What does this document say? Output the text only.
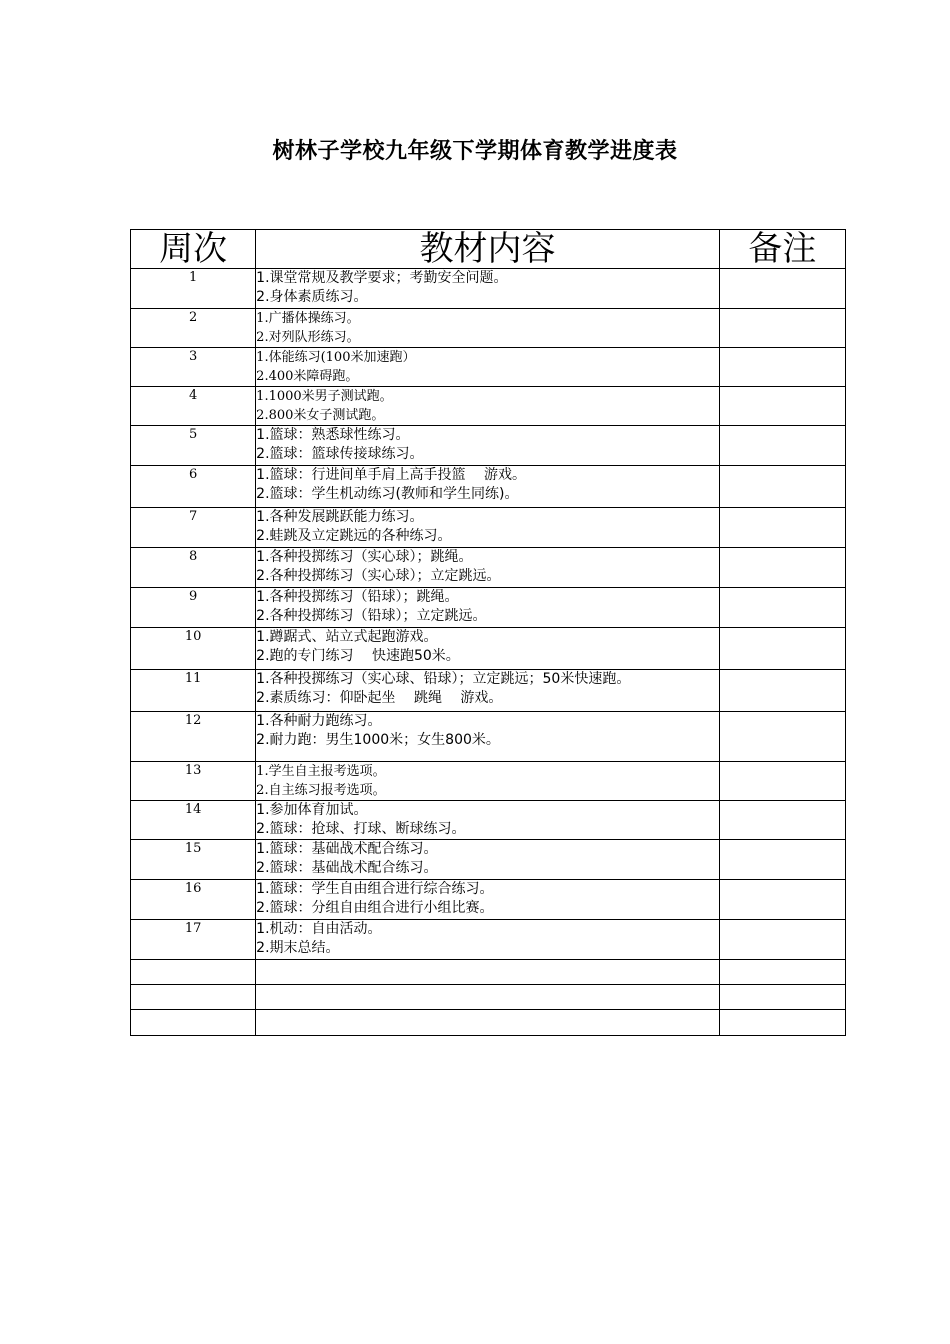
树林子学校九年级下学期体育教学进度表
周次	教材内容	备注
1	1.课堂常规及教学要求；考勤安全问题。
2.身体素质练习。	

2	1.广播体操练习。
2.对列队形练习。	

3	1.体能练习(100米加速跑）
2.400米障碍跑。	

4	1.1000米男子测试跑。
2.800米女子测试跑。	

5	1.篮球：熟悉球性练习。
2.篮球：篮球传接球练习。	

6	1.篮球：行进间单手肩上高手投篮　 游戏。
2.篮球：学生机动练习(教师和学生同练)。	

7	1.各种发展跳跃能力练习。
2.蛙跳及立定跳远的各种练习。	

8	1.各种投掷练习（实心球）；跳绳。
2.各种投掷练习（实心球）；立定跳远。	

9	1.各种投掷练习（铅球）；跳绳。
2.各种投掷练习（铅球）；立定跳远。	

10	1.蹲踞式、站立式起跑游戏。
2.跑的专门练习　 快速跑50米。	

11	1.各种投掷练习（实心球、铅球）；立定跳远；50米快速跑。
2.素质练习：仰卧起坐　 跳绳　 游戏。	

12	1.各种耐力跑练习。
2.耐力跑：男生1000米；女生800米。	

13	1.学生自主报考选项。
2.自主练习报考选项。	

14	1.参加体育加试。
2.篮球：抢球、打球、断球练习。	

15	1.篮球：基础战术配合练习。
2.篮球：基础战术配合练习。	

16	1.篮球：学生自由组合进行综合练习。
2.篮球：分组自由组合进行小组比赛。	

17	1.机动：自由活动。
2.期末总结。	
